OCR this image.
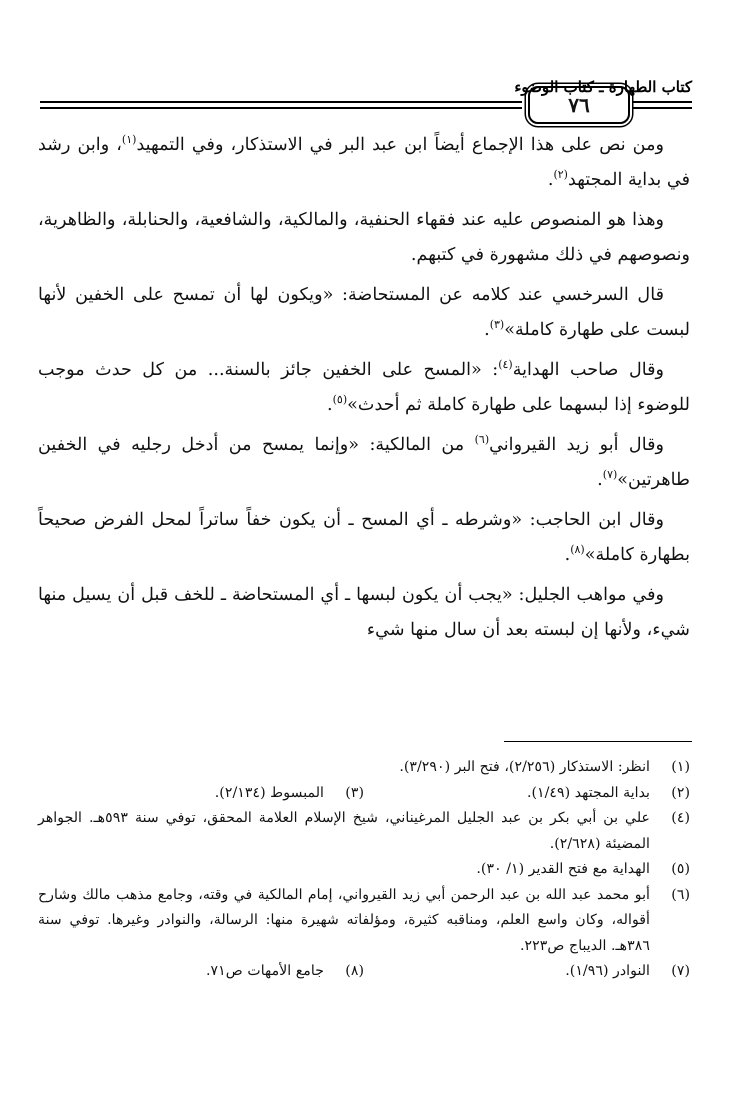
٧٦
كتاب الطهارة ـ كتاب الوضوء

ومن نص على هذا الإجماع أيضاً ابن عبد البر في الاستذكار، وفي التمهيد$^{(١)}$، وابن رشد في بداية المجتهد$^{(٢)}$.

وهذا هو المنصوص عليه عند فقهاء الحنفية، والمالكية، والشافعية، والحنابلة، والظاهرية، ونصوصهم في ذلك مشهورة في كتبهم.

قال السرخسي عند كلامه عن المستحاضة: «ويكون لها أن تمسح على الخفين لأنها لبست على طهارة كاملة»$^{(٣)}$.

وقال صاحب الهداية$^{(٤)}$: «المسح على الخفين جائز بالسنة... من كل حدث موجب للوضوء إذا لبسهما على طهارة كاملة ثم أحدث»$^{(٥)}$.

وقال أبو زيد القيرواني$^{(٦)}$ من المالكية: «وإنما يمسح من أدخل رجليه في الخفين طاهرتين»$^{(٧)}$.

وقال ابن الحاجب: «وشرطه ـ أي المسح ـ أن يكون خفاً ساتراً لمحل الفرض صحيحاً بطهارة كاملة»$^{(٨)}$.

وفي مواهب الجليل: «يجب أن يكون لبسها ـ أي المستحاضة ـ للخف قبل أن يسيل منها شيء، ولأنها إن لبسته بعد أن سال منها شيء

(١)
انظر: الاستذكار (٢/٢٥٦)، فتح البر (٣/٢٩٠).
(٢)
بداية المجتهد (١/٤٩).
(٣)
المبسوط (٢/١٣٤).
(٤)
علي بن أبي بكر بن عبد الجليل المرغيناني، شيخ الإسلام العلامة المحقق، توفي سنة ٥٩٣هـ. الجواهر المضيئة (٢/٦٢٨).
(٥)
الهداية مع فتح القدير (١/ ٣٠).
(٦)
أبو محمد عبد الله بن عبد الرحمن أبي زيد القيرواني، إمام المالكية في وقته، وجامع مذهب مالك وشارح أقواله، وكان واسع العلم، ومناقبه كثيرة، ومؤلفاته شهيرة منها: الرسالة، والنوادر وغيرها. توفي سنة ٣٨٦هـ. الديباج ص٢٢٣.
(٧)
النوادر (١/٩٦).
(٨)
جامع الأمهات ص٧١.
